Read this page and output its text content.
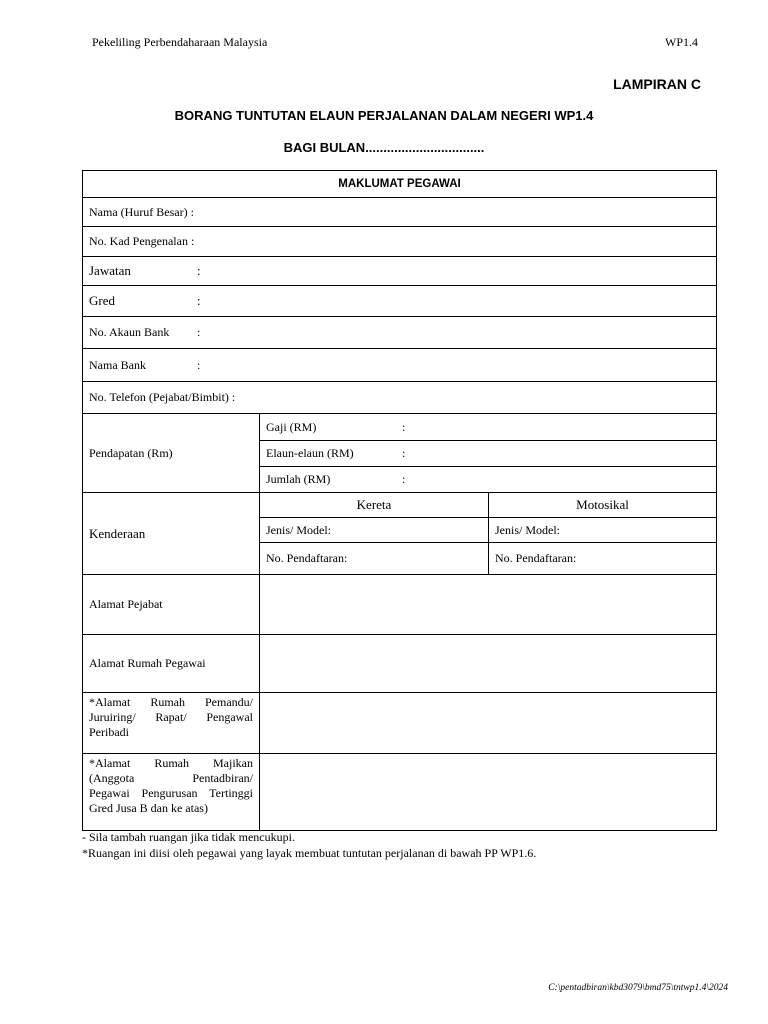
Pekeliling Perbendaharaan Malaysia	WP1.4
LAMPIRAN C
BORANG TUNTUTAN ELAUN PERJALANAN DALAM NEGERI WP1.4
BAGI BULAN.................................
MAKLUMAT PEGAWAI		
Nama (Huruf Besar) :		
No. Kad Pengenalan :		
Jawatan :		
Gred :		
No. Akaun Bank :		
Nama Bank :		
No. Telefon (Pejabat/Bimbit) :		
Pendapatan (Rm)	Gaji (RM) :	
	Elaun-elaun (RM) :	
	Jumlah (RM) :	
Kenderaan	Kereta	Motosikal
	Jenis/ Model:	Jenis/ Model:
	No. Pendaftaran:	No. Pendaftaran:
Alamat Pejabat		
Alamat Rumah Pegawai		

*Alamat Rumah Pemandu/
Juruiring/ Rapat/ Pengawal
Peribadi		

*Alamat Rumah Majikan
(Anggota Pentadbiran/
Pegawai Pengurusan Tertinggi
Gred Jusa B dan ke atas)		

- Sila tambah ruangan jika tidak mencukupi.
*Ruangan ini diisi oleh pegawai yang layak membuat tuntutan perjalanan di bawah PP WP1.6.
C:\pentadbiran\kbd3079\bmd75\tntwp1.4\2024
